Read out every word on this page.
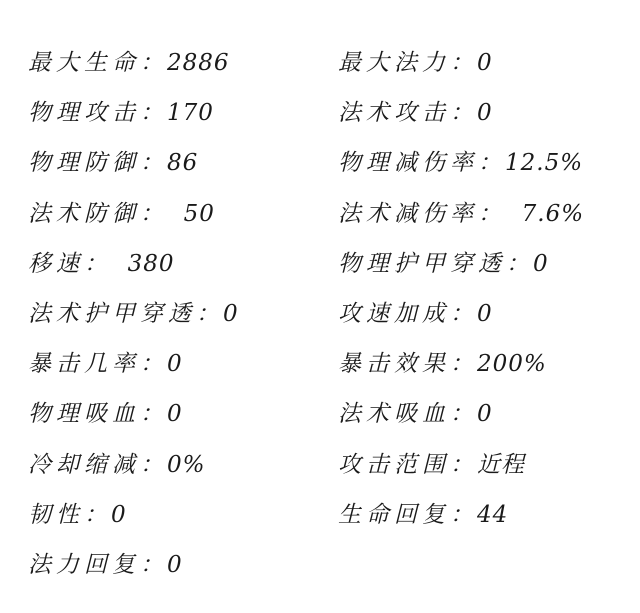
最大生命： 2886
物理攻击： 170
物理防御： 86
法术防御：  50
移速：  380
法术护甲穿透： 0
暴击几率： 0
物理吸血： 0
冷却缩减： 0%
韧性： 0
法力回复： 0
最大法力： 0
法术攻击： 0
物理减伤率： 12.5%
法术减伤率：  7.6%
物理护甲穿透： 0
攻速加成： 0
暴击效果： 200%
法术吸血： 0
攻击范围： 近程
生命回复： 44
